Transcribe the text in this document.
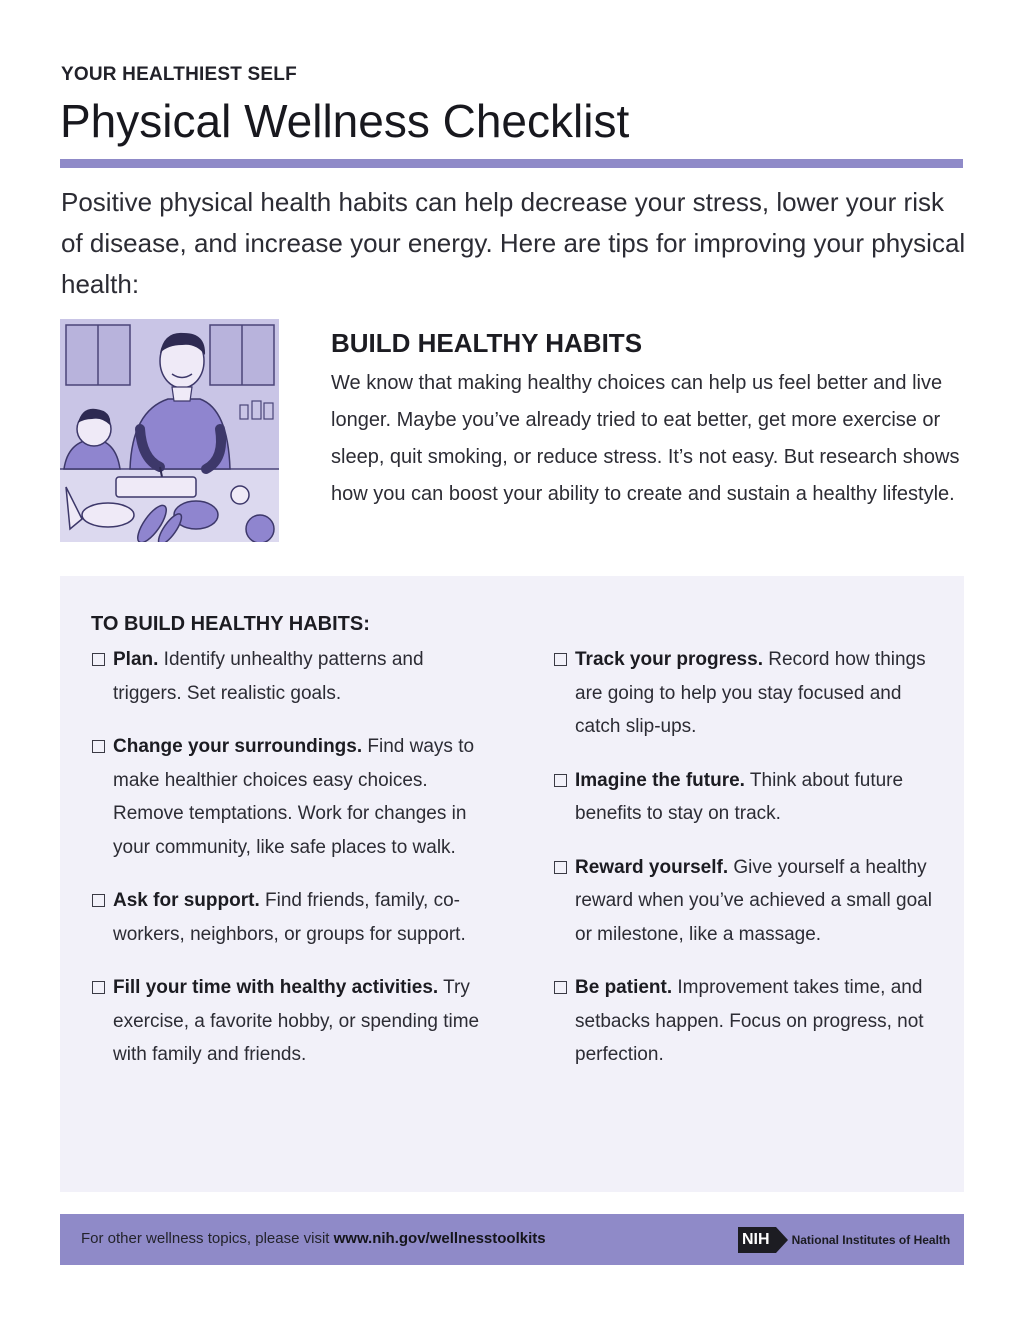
YOUR HEALTHIEST SELF
Physical Wellness Checklist

Positive physical health habits can help decrease your stress, lower your risk of disease, and increase your energy. Here are tips for improving your physical health:

BUILD HEALTHY HABITS

We know that making healthy choices can help us feel better and live longer. Maybe you’ve already tried to eat better, get more exercise or sleep, quit smoking, or reduce stress. It’s not easy. But research shows how you can boost your ability to create and sustain a healthy lifestyle.

TO BUILD HEALTHY HABITS:
Plan. Identify unhealthy patterns and triggers. Set realistic goals.
Change your surroundings. Find ways to make healthier choices easy choices. Remove temptations. Work for changes in your community, like safe places to walk.
Ask for support. Find friends, family, co-workers, neighbors, or groups for support.
Fill your time with healthy activities. Try exercise, a favorite hobby, or spending time with family and friends.
Track your progress. Record how things are going to help you stay focused and catch slip-ups.
Imagine the future. Think about future benefits to stay on track.
Reward yourself. Give yourself a healthy reward when you’ve achieved a small goal or milestone, like a massage.
Be patient. Improvement takes time, and setbacks happen. Focus on progress, not perfection.
For other wellness topics, please visit www.nih.gov/wellnesstoolkits	NIH	National Institutes of Health
